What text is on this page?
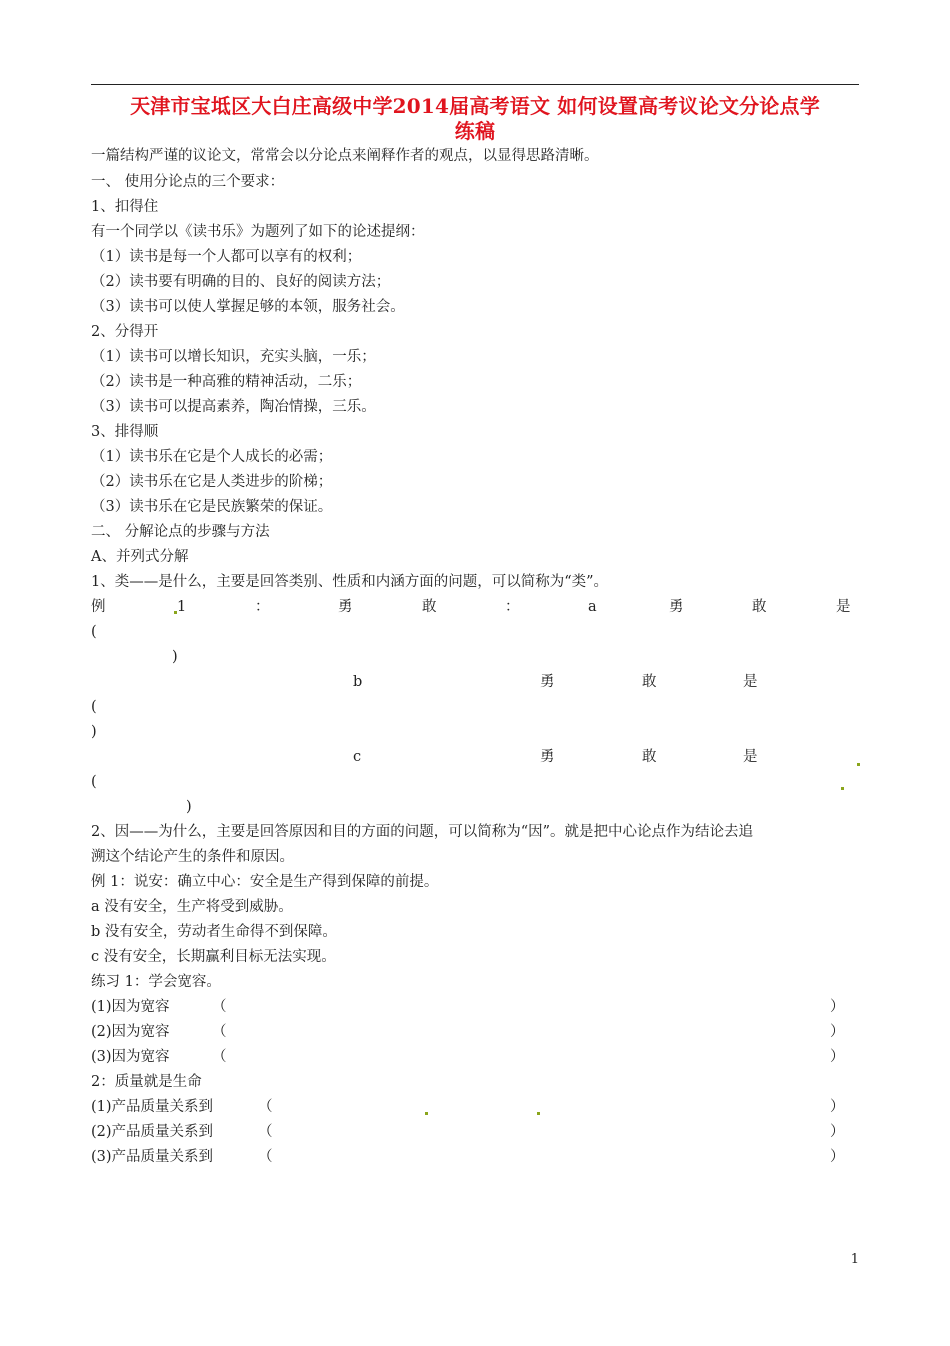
天津市宝坻区大白庄高级中学2014届高考语文 如何设置高考议论文分论点学
练稿
一篇结构严谨的议论文，常常会以分论点来阐释作者的观点，以显得思路清晰。
一、 使用分论点的三个要求：
1、扣得住
有一个同学以《读书乐》为题列了如下的论述提纲：
（1）读书是每一个人都可以享有的权利；
（2）读书要有明确的目的、良好的阅读方法；
（3）读书可以使人掌握足够的本领，服务社会。
2、分得开
（1）读书可以增长知识，充实头脑，一乐；
（2）读书是一种高雅的精神活动，二乐；
（3）读书可以提高素养，陶冶情操，三乐。
3、排得顺
（1）读书乐在它是个人成长的必需；
（2）读书乐在它是人类进步的阶梯；
（3）读书乐在它是民族繁荣的保证。
二、 分解论点的步骤与方法
A、并列式分解
1、类——是什么，主要是回答类别、性质和内涵方面的问题，可以简称为“类”。
例	1	：	勇	敢	：	a	勇	敢	是
(
)
b	勇	敢	是
(
)
c	勇	敢	是
(
)
2、因——为什么，主要是回答原因和目的方面的问题，可以简称为“因”。就是把中心论点作为结论去追
溯这个结论产生的条件和原因。
例 1：说安：确立中心：安全是生产得到保障的前提。
a 没有安全，生产将受到威胁。
b 没有安全，劳动者生命得不到保障。
c 没有安全，长期赢利目标无法实现。
练习 1：学会宽容。
(1)因为宽容	（	）
(2)因为宽容	（	）
(3)因为宽容	（	）
2：质量就是生命
(1)产品质量关系到	（	）
(2)产品质量关系到	（	）
(3)产品质量关系到	（	）
1
